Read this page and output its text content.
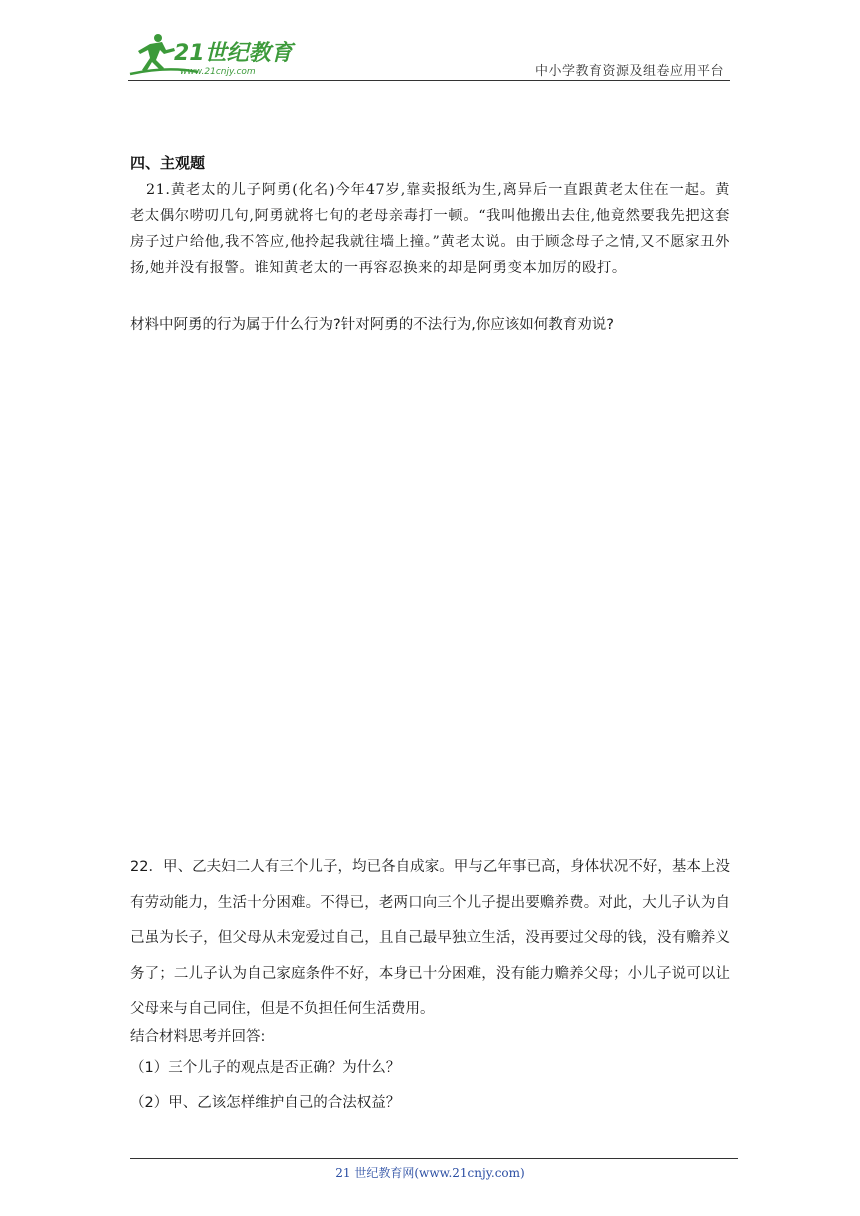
21世纪教育
www.21cnjy.com	中小学教育资源及组卷应用平台
四、主观题
21.黄老太的儿子阿勇(化名)今年47岁,靠卖报纸为生,离异后一直跟黄老太住在一起。黄老太偶尔唠叨几句,阿勇就将七旬的老母亲毒打一顿。“我叫他搬出去住,他竟然要我先把这套房子过户给他,我不答应,他拎起我就往墙上撞。”黄老太说。由于顾念母子之情,又不愿家丑外扬,她并没有报警。谁知黄老太的一再容忍换来的却是阿勇变本加厉的殴打。
材料中阿勇的行为属于什么行为?针对阿勇的不法行为,你应该如何教育劝说?
22．甲、乙夫妇二人有三个儿子，均已各自成家。甲与乙年事已高，身体状况不好，基本上没有劳动能力，生活十分困难。不得已，老两口向三个儿子提出要赡养费。对此，大儿子认为自己虽为长子，但父母从未宠爱过自己，且自己最早独立生活，没再要过父母的钱，没有赡养义务了；二儿子认为自己家庭条件不好，本身已十分困难，没有能力赡养父母；小儿子说可以让父母来与自己同住，但是不负担任何生活费用。
结合材料思考并回答:
（1）三个儿子的观点是否正确？为什么？
（2）甲、乙该怎样维护自己的合法权益？
21 世纪教育网(www.21cnjy.com)
